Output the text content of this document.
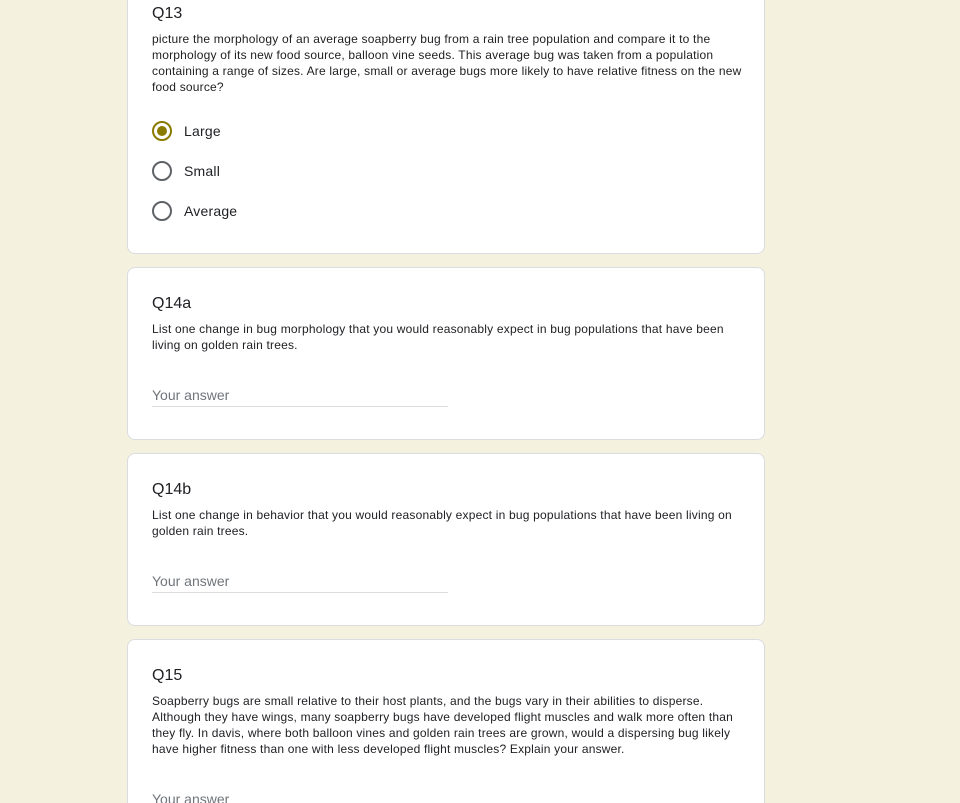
Q13
picture the morphology of an average soapberry bug from a rain tree population and compare it to the morphology of its new food source, balloon vine seeds. This average bug was taken from a population containing a range of sizes. Are large, small or average bugs more likely to have relative fitness on the new food source?
Large
Small
Average
Q14a
List one change in bug morphology that you would reasonably expect in bug populations that have been living on golden rain trees.
Your answer
Q14b
List one change in behavior that you would reasonably expect in bug populations that have been living on golden rain trees.
Your answer
Q15
Soapberry bugs are small relative to their host plants, and the bugs vary in their abilities to disperse. Although they have wings, many soapberry bugs have developed flight muscles and walk more often than they fly. In davis, where both balloon vines and golden rain trees are grown, would a dispersing bug likely have higher fitness than one with less developed flight muscles? Explain your answer.
Your answer
